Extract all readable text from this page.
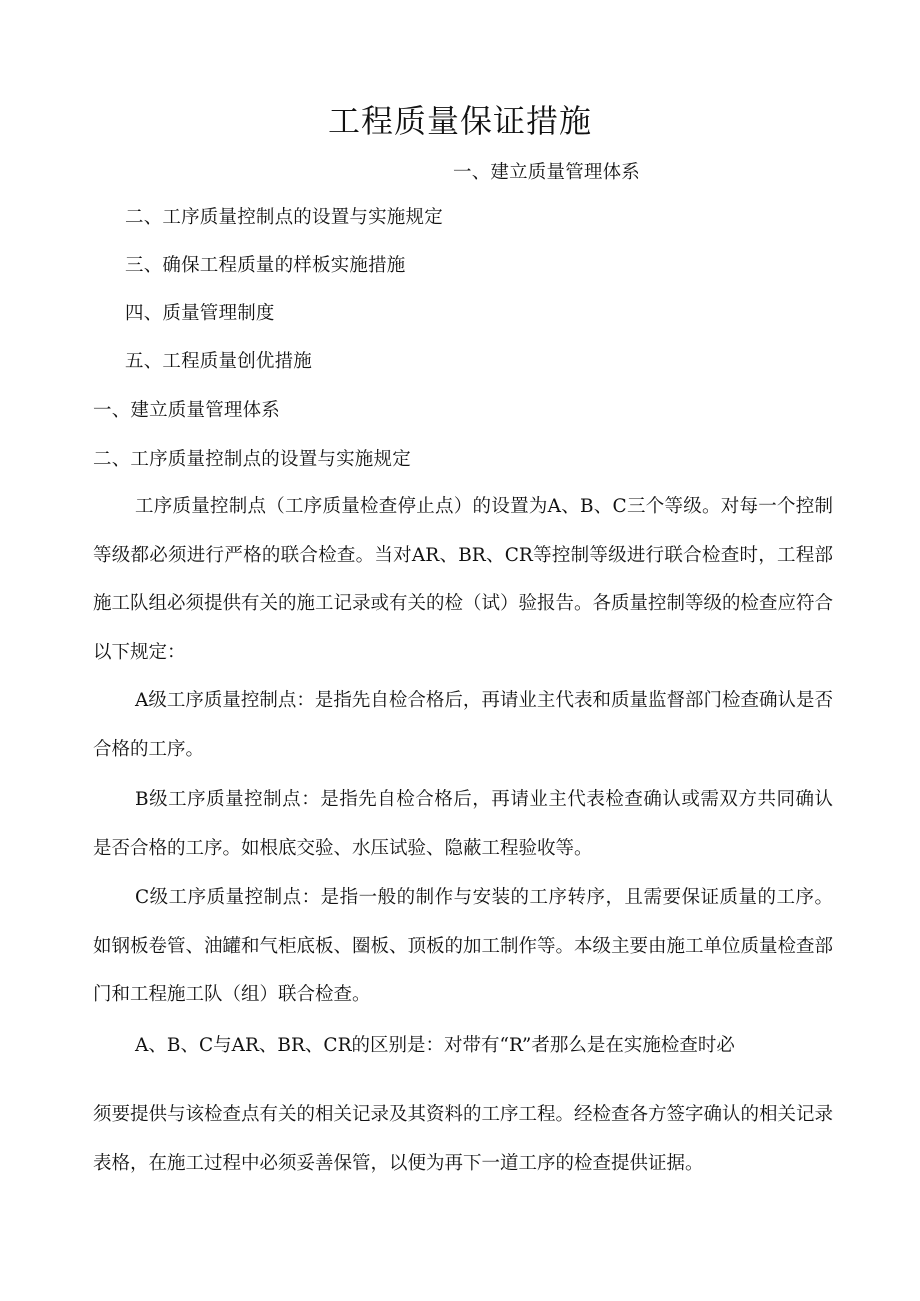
工程质量保证措施
一、建立质量管理体系
二、工序质量控制点的设置与实施规定
三、确保工程质量的样板实施措施
四、质量管理制度
五、工程质量创优措施
一、建立质量管理体系
二、工序质量控制点的设置与实施规定
工序质量控制点（工序质量检查停止点）的设置为A、B、C三个等级。对每一个控制等级都必须进行严格的联合检查。当对AR、BR、CR等控制等级进行联合检查时，工程部施工队组必须提供有关的施工记录或有关的检（试）验报告。各质量控制等级的检查应符合以下规定：
A级工序质量控制点：是指先自检合格后，再请业主代表和质量监督部门检查确认是否合格的工序。
B级工序质量控制点：是指先自检合格后，再请业主代表检查确认或需双方共同确认是否合格的工序。如根底交验、水压试验、隐蔽工程验收等。
C级工序质量控制点：是指一般的制作与安装的工序转序，且需要保证质量的工序。如钢板卷管、油罐和气柜底板、圈板、顶板的加工制作等。本级主要由施工单位质量检查部门和工程施工队（组）联合检查。
A、B、C与AR、BR、CR的区别是：对带有“R”者那么是在实施检查时必
须要提供与该检查点有关的相关记录及其资料的工序工程。经检查各方签字确认的相关记录表格，在施工过程中必须妥善保管，以便为再下一道工序的检查提供证据。
